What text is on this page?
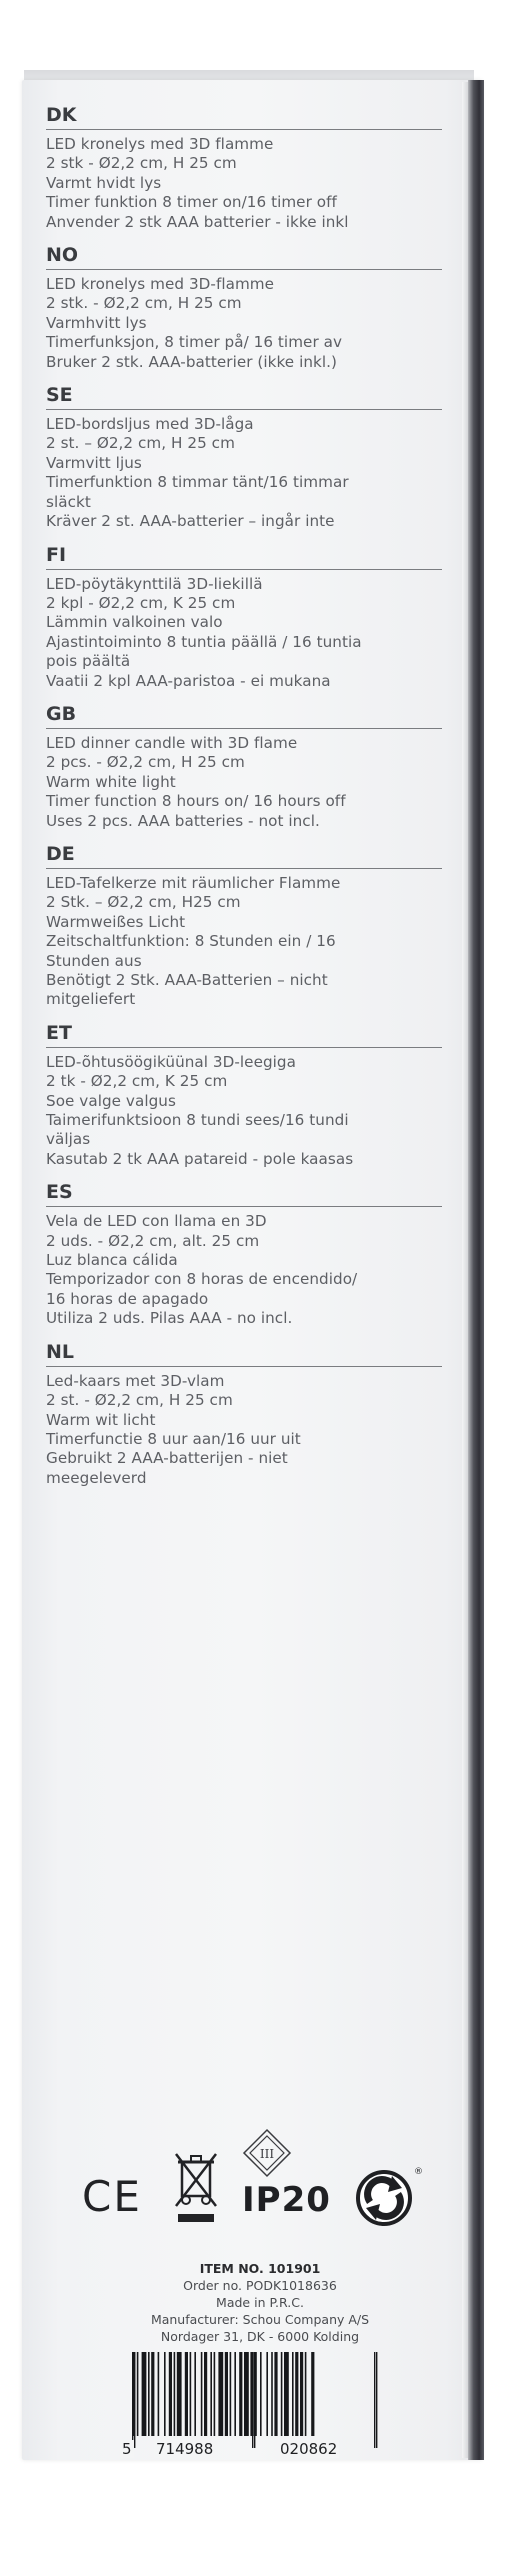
DK
LED kronelys med 3D flamme
2 stk - Ø2,2 cm, H 25 cm
Varmt hvidt lys
Timer funktion 8 timer on/16 timer off
Anvender 2 stk AAA batterier - ikke inkl
NO
LED kronelys med 3D-flamme
2 stk. - Ø2,2 cm, H 25 cm
Varmhvitt lys
Timerfunksjon, 8 timer på/ 16 timer av
Bruker 2 stk. AAA-batterier (ikke inkl.)
SE
LED-bordsljus med 3D-låga
2 st. – Ø2,2 cm, H 25 cm
Varmvitt ljus
Timerfunktion 8 timmar tänt/16 timmar
släckt
Kräver 2 st. AAA-batterier – ingår inte
FI
LED-pöytäkynttilä 3D-liekillä
2 kpl - Ø2,2 cm, K 25 cm
Lämmin valkoinen valo
Ajastintoiminto 8 tuntia päällä / 16 tuntia
pois päältä
Vaatii 2 kpl AAA-paristoa - ei mukana
GB
LED dinner candle with 3D flame
2 pcs. - Ø2,2 cm, H 25 cm
Warm white light
Timer function 8 hours on/ 16 hours off
Uses 2 pcs. AAA batteries - not incl.
DE
LED-Tafelkerze mit räumlicher Flamme
2 Stk. – Ø2,2 cm, H25 cm
Warmweißes Licht
Zeitschaltfunktion: 8 Stunden ein / 16
Stunden aus
Benötigt 2 Stk. AAA-Batterien – nicht
mitgeliefert
ET
LED-õhtusöögiküünal 3D-leegiga
2 tk - Ø2,2 cm, K 25 cm
Soe valge valgus
Taimerifunktsioon 8 tundi sees/16 tundi
väljas
Kasutab 2 tk AAA patareid - pole kaasas
ES
Vela de LED con llama en 3D
2 uds. - Ø2,2 cm, alt. 25 cm
Luz blanca cálida
Temporizador con 8 horas de encendido/
16 horas de apagado
Utiliza 2 uds. Pilas AAA - no incl.
NL
Led-kaars met 3D-vlam
2 st. - Ø2,2 cm, H 25 cm
Warm wit licht
Timerfunctie 8 uur aan/16 uur uit
Gebruikt 2 AAA-batterijen - niet
meegeleverd
CE
III
IP20
®
ITEM NO. 101901
Order no. PODK1018636
Made in P.R.C.
Manufacturer: Schou Company A/S
Nordager 31, DK - 6000 Kolding
5 714988	020862
